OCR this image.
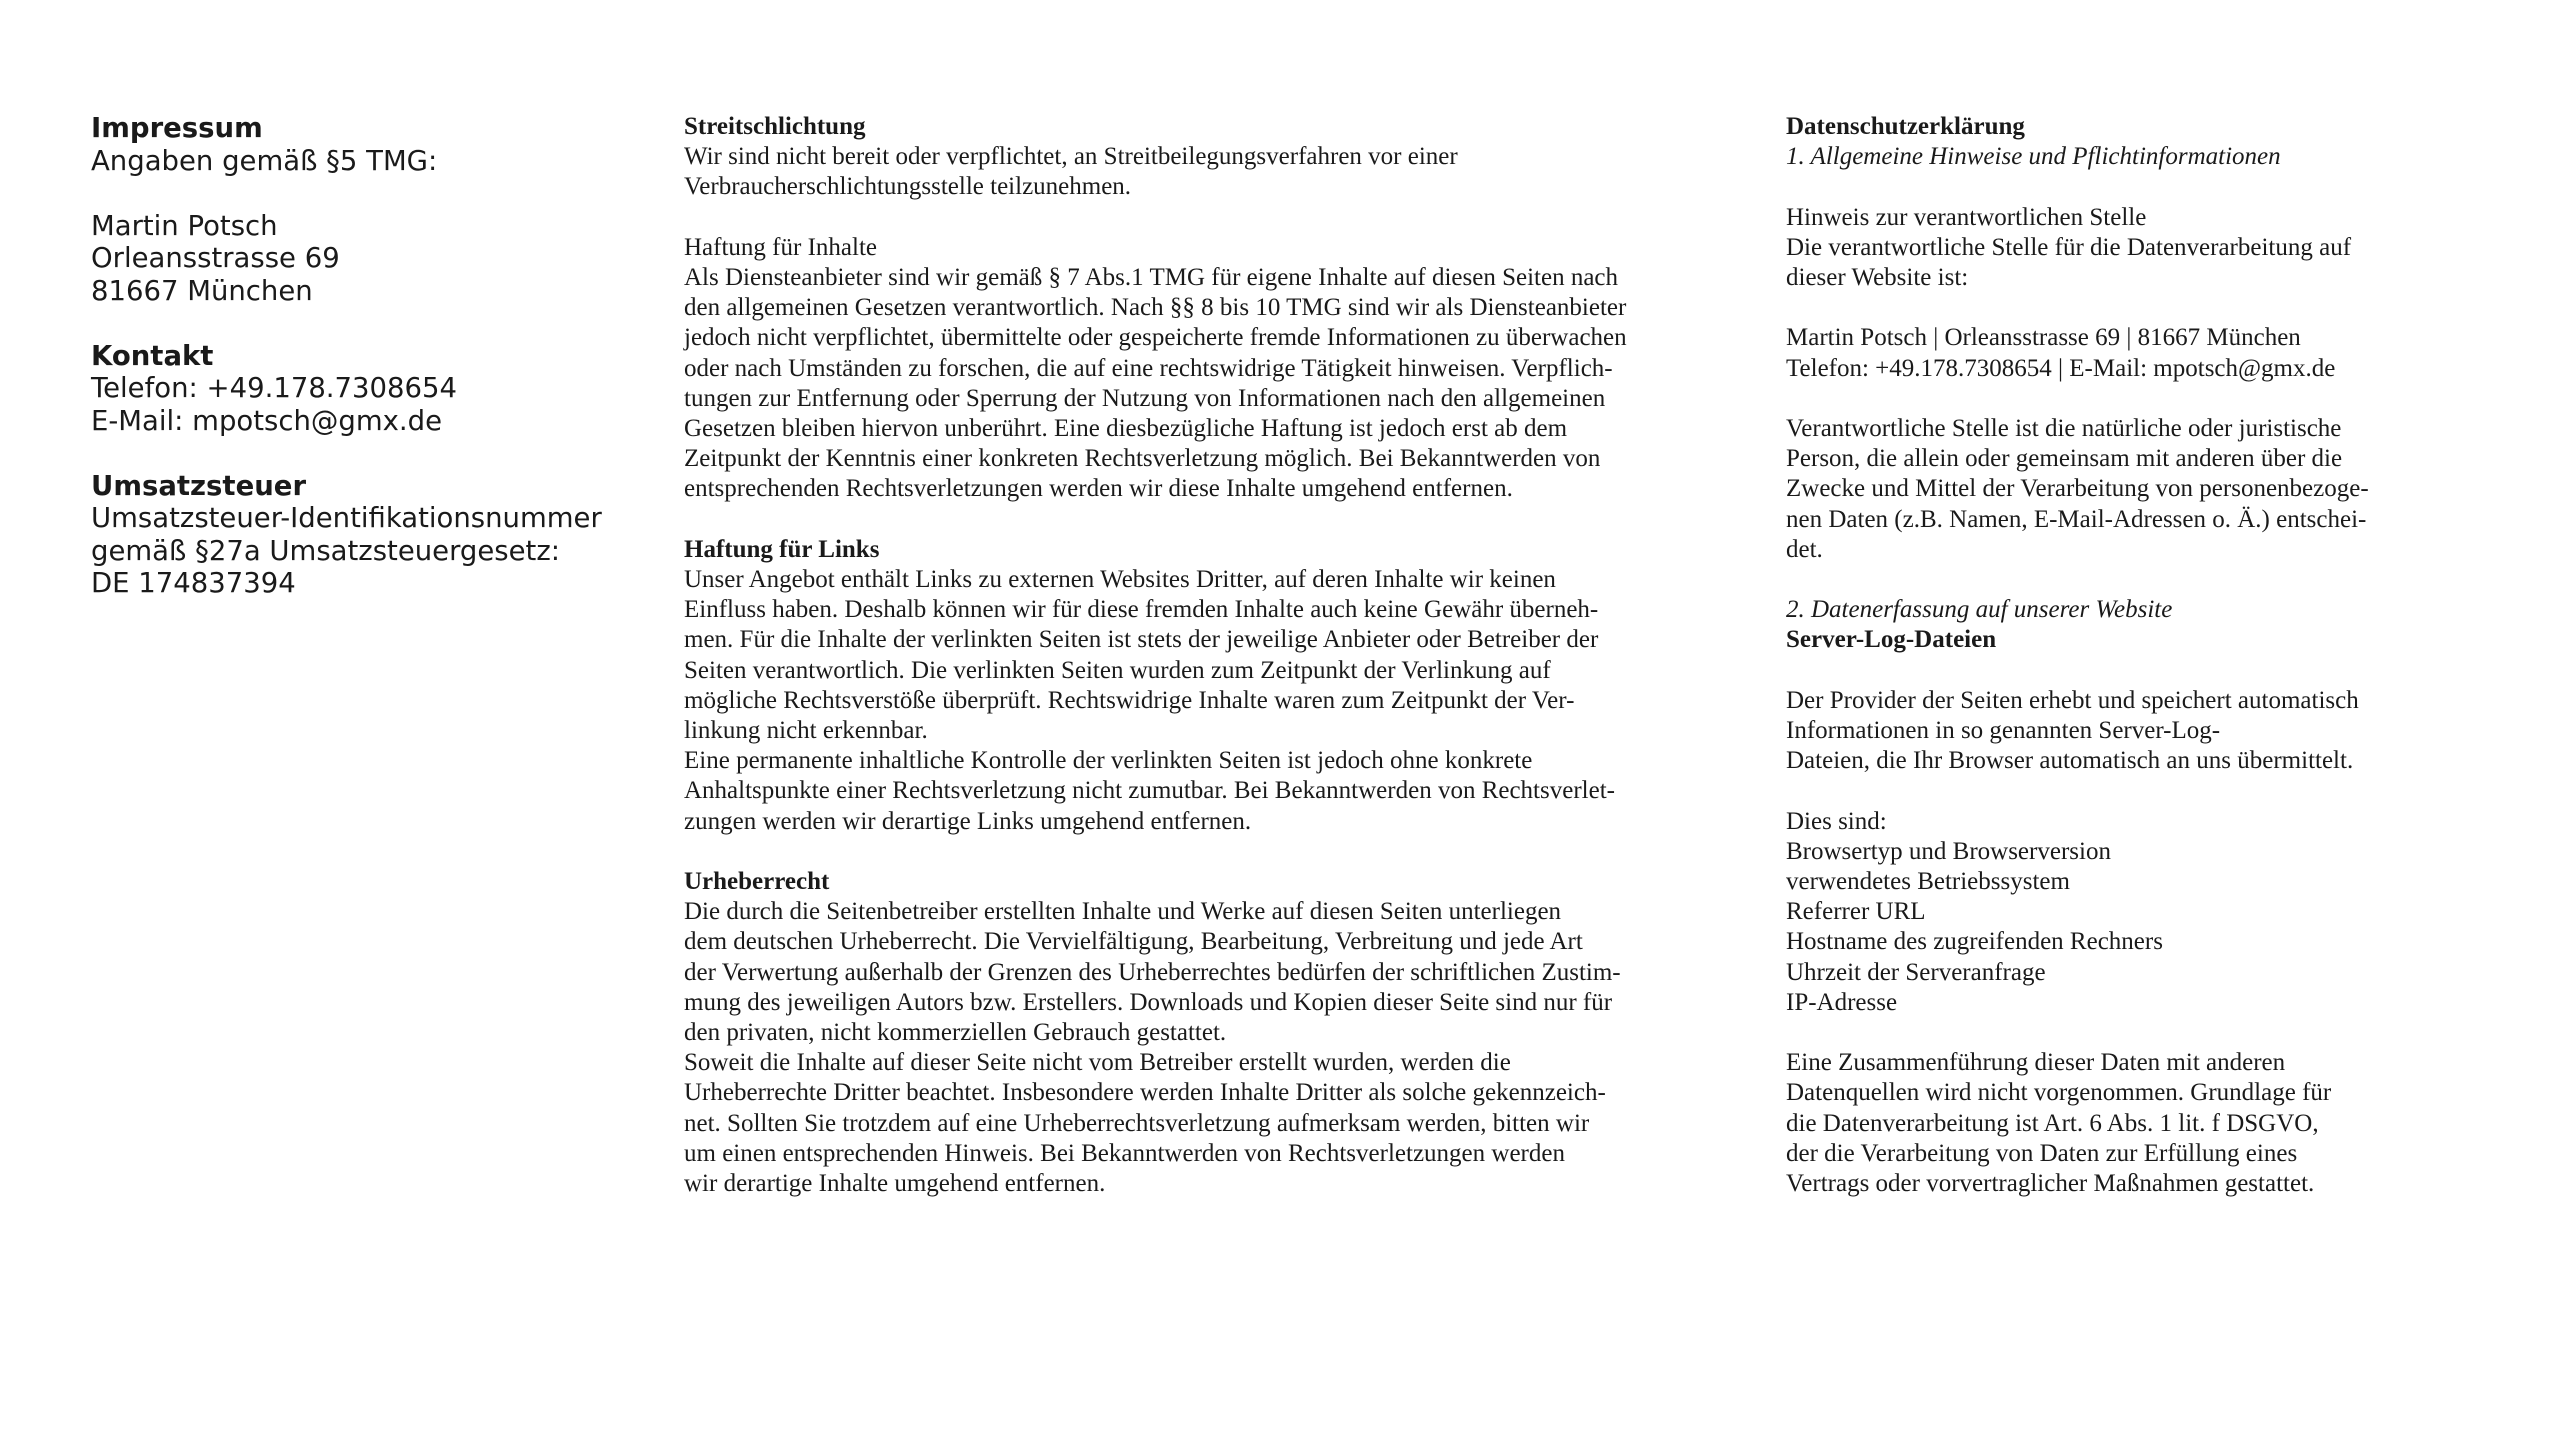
Impressum
Angaben gemäß §5 TMG:
Martin Potsch
Orleansstrasse 69
81667 München
Kontakt
Telefon: +49.178.7308654
E-Mail: mpotsch@gmx.de
Umsatzsteuer
Umsatzsteuer-Identifikationsnummer
gemäß §27a Umsatzsteuergesetz:
DE 174837394
Streitschlichtung
Wir sind nicht bereit oder verpflichtet, an Streitbeilegungsverfahren vor einer
Verbraucherschlichtungsstelle teilzunehmen.
Haftung für Inhalte
Als Diensteanbieter sind wir gemäß § 7 Abs.1 TMG für eigene Inhalte auf diesen Seiten nach
den allgemeinen Gesetzen verantwortlich. Nach §§ 8 bis 10 TMG sind wir als Diensteanbieter
jedoch nicht verpflichtet, übermittelte oder gespeicherte fremde Informationen zu überwachen
oder nach Umständen zu forschen, die auf eine rechtswidrige Tätigkeit hinweisen. Verpflich-
tungen zur Entfernung oder Sperrung der Nutzung von Informationen nach den allgemeinen
Gesetzen bleiben hiervon unberührt. Eine diesbezügliche Haftung ist jedoch erst ab dem
Zeitpunkt der Kenntnis einer konkreten Rechtsverletzung möglich. Bei Bekanntwerden von
entsprechenden Rechtsverletzungen werden wir diese Inhalte umgehend entfernen.
Haftung für Links
Unser Angebot enthält Links zu externen Websites Dritter, auf deren Inhalte wir keinen
Einfluss haben. Deshalb können wir für diese fremden Inhalte auch keine Gewähr überneh-
men. Für die Inhalte der verlinkten Seiten ist stets der jeweilige Anbieter oder Betreiber der
Seiten verantwortlich. Die verlinkten Seiten wurden zum Zeitpunkt der Verlinkung auf
mögliche Rechtsverstöße überprüft. Rechtswidrige Inhalte waren zum Zeitpunkt der Ver-
linkung nicht erkennbar.
Eine permanente inhaltliche Kontrolle der verlinkten Seiten ist jedoch ohne konkrete
Anhaltspunkte einer Rechtsverletzung nicht zumutbar. Bei Bekanntwerden von Rechtsverlet-
zungen werden wir derartige Links umgehend entfernen.
Urheberrecht
Die durch die Seitenbetreiber erstellten Inhalte und Werke auf diesen Seiten unterliegen
dem deutschen Urheberrecht. Die Vervielfältigung, Bearbeitung, Verbreitung und jede Art
der Verwertung außerhalb der Grenzen des Urheberrechtes bedürfen der schriftlichen Zustim-
mung des jeweiligen Autors bzw. Erstellers. Downloads und Kopien dieser Seite sind nur für
den privaten, nicht kommerziellen Gebrauch gestattet.
Soweit die Inhalte auf dieser Seite nicht vom Betreiber erstellt wurden, werden die
Urheberrechte Dritter beachtet. Insbesondere werden Inhalte Dritter als solche gekennzeich-
net. Sollten Sie trotzdem auf eine Urheberrechtsverletzung aufmerksam werden, bitten wir
um einen entsprechenden Hinweis. Bei Bekanntwerden von Rechtsverletzungen werden
wir derartige Inhalte umgehend entfernen.
Datenschutzerklärung
1. Allgemeine Hinweise und Pflichtinformationen
Hinweis zur verantwortlichen Stelle
Die verantwortliche Stelle für die Datenverarbeitung auf
dieser Website ist:
Martin Potsch | Orleansstrasse 69 | 81667 München
Telefon: +49.178.7308654 | E-Mail: mpotsch@gmx.de
Verantwortliche Stelle ist die natürliche oder juristische
Person, die allein oder gemeinsam mit anderen über die
Zwecke und Mittel der Verarbeitung von personenbezoge-
nen Daten (z.B. Namen, E-Mail-Adressen o. Ä.) entschei-
det.
2. Datenerfassung auf unserer Website
Server-Log-Dateien
Der Provider der Seiten erhebt und speichert automatisch
Informationen in so genannten Server-Log-
Dateien, die Ihr Browser automatisch an uns übermittelt.
Dies sind:
Browsertyp und Browserversion
verwendetes Betriebssystem
Referrer URL
Hostname des zugreifenden Rechners
Uhrzeit der Serveranfrage
IP-Adresse
Eine Zusammenführung dieser Daten mit anderen
Datenquellen wird nicht vorgenommen. Grundlage für
die Datenverarbeitung ist Art. 6 Abs. 1 lit. f DSGVO,
der die Verarbeitung von Daten zur Erfüllung eines
Vertrags oder vorvertraglicher Maßnahmen gestattet.
